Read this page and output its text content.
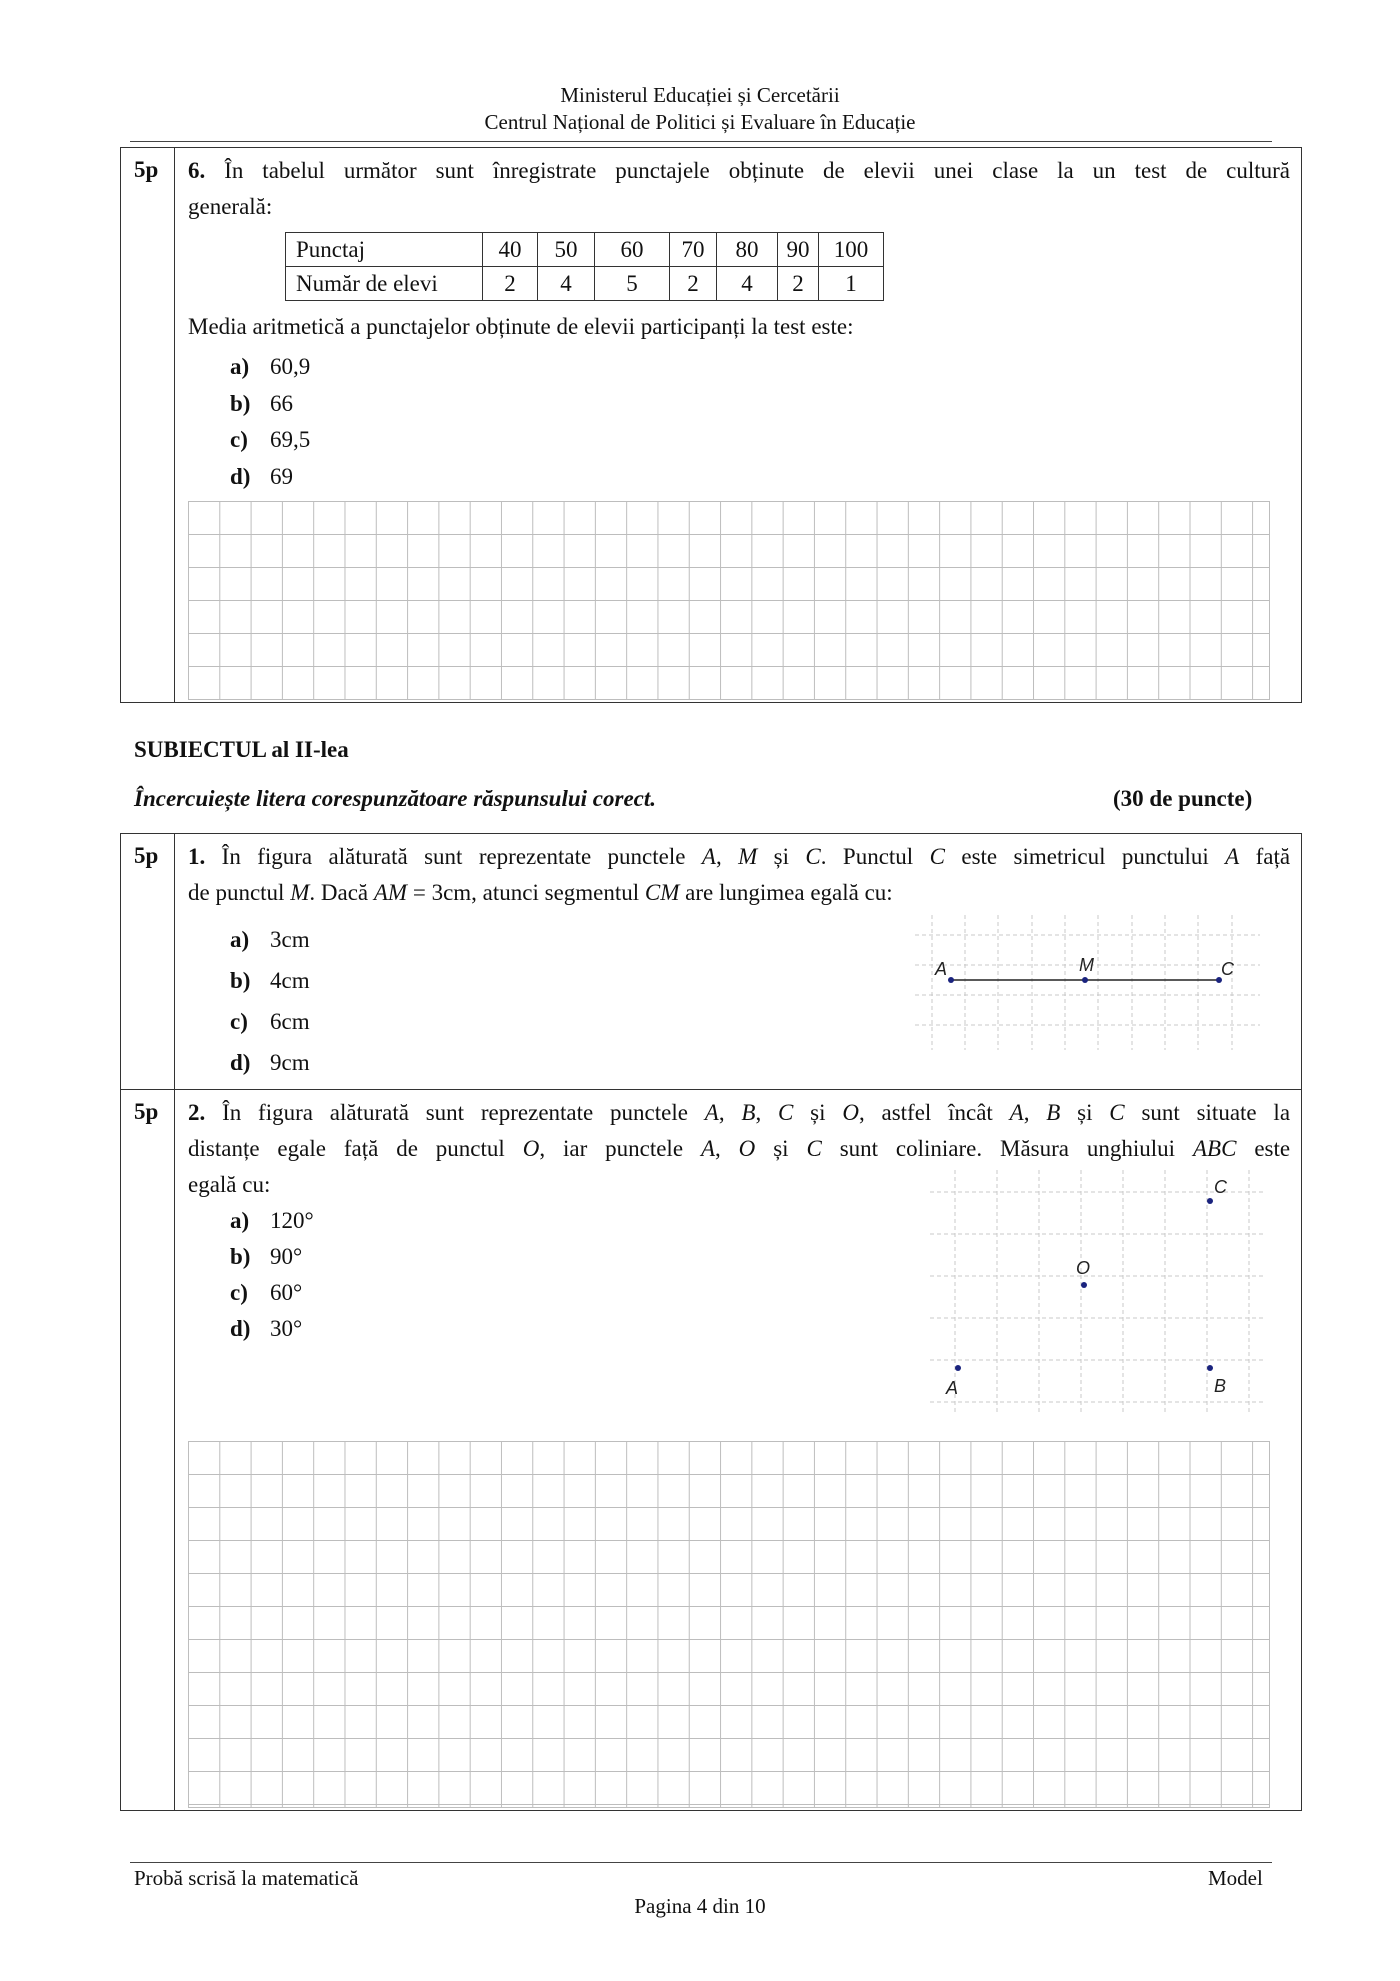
Ministerul Educației și Cercetării
Centrul Național de Politici și Evaluare în Educație
5p 6. În tabelul următor sunt înregistrate punctajele obținute de elevii unei clase la un test de cultură
generală:
Punctaj	40	50	60	70	80	90	100
Număr de elevi	2	4	5	2	4	2	1
Media aritmetică a punctajelor obținute de elevii participanți la test este:
a) 60,9
b) 66
c) 69,5
d) 69
SUBIECTUL al II-lea
Încercuiește litera corespunzătoare răspunsului corect.	(30 de puncte)
5p 1. În figura alăturată sunt reprezentate punctele A, M și C. Punctul C este simetricul punctului A față
de punctul M. Dacă AM = 3cm, atunci segmentul CM are lungimea egală cu:
a) 3cm
b) 4cm
c) 6cm
d) 9cm
A	M	C
5p 2. În figura alăturată sunt reprezentate punctele A, B, C și O, astfel încât A, B și C sunt situate la
distanțe egale față de punctul O, iar punctele A, O și C sunt coliniare. Măsura unghiului ABC este
egală cu:
a) 120°
b) 90°
c) 60°
d) 30°
A	B
C
O
Probă scrisă la matematică	Model
Pagina 4 din 10
